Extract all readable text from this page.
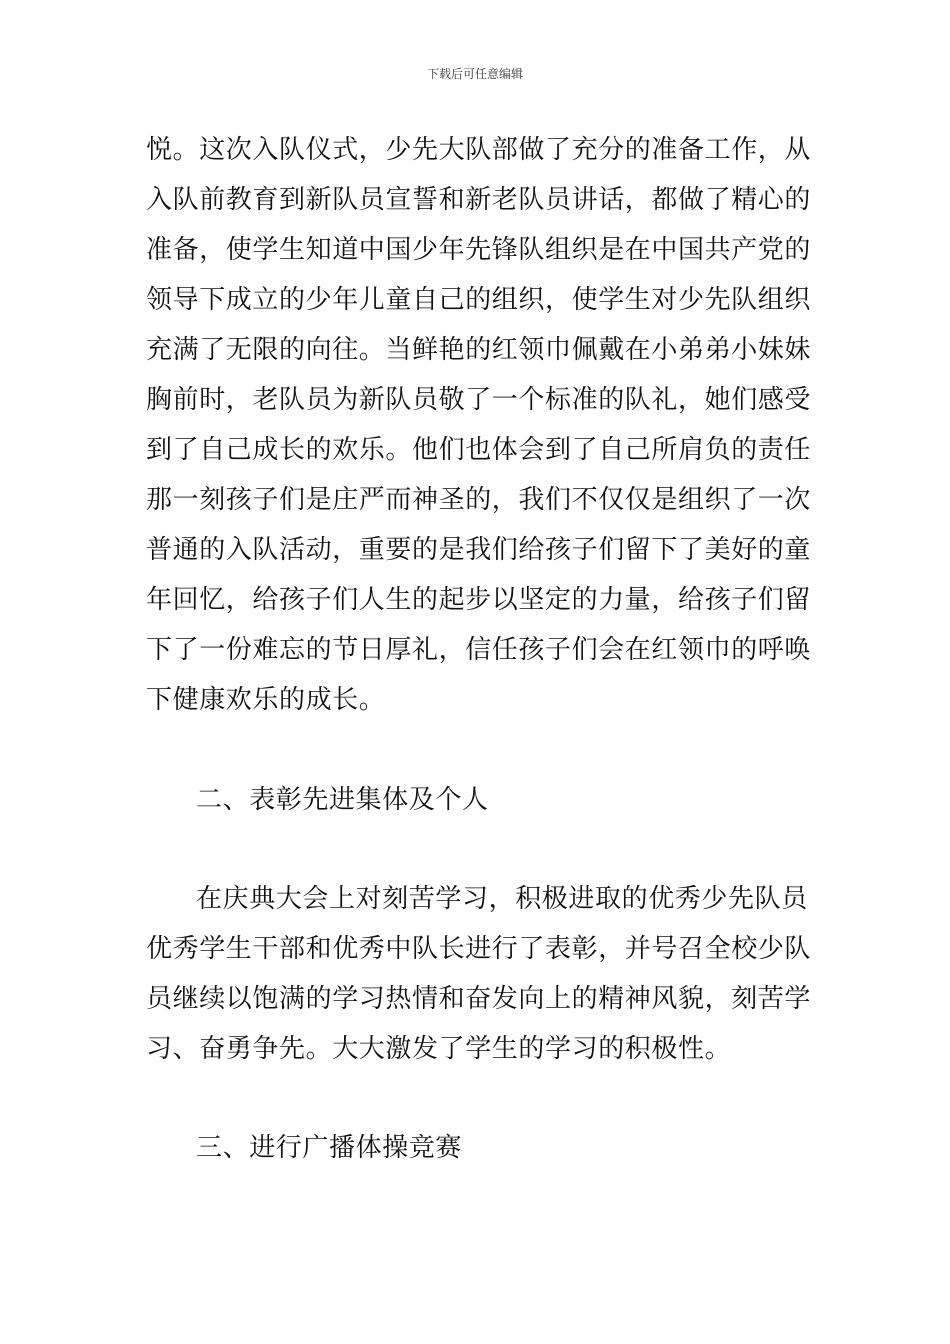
下载后可任意编辑
悦。这次入队仪式，少先大队部做了充分的准备工作，从
入队前教育到新队员宣誓和新老队员讲话，都做了精心的
准备，使学生知道中国少年先锋队组织是在中国共产党的
领导下成立的少年儿童自己的组织，使学生对少先队组织
充满了无限的向往。当鲜艳的红领巾佩戴在小弟弟小妹妹
胸前时，老队员为新队员敬了一个标准的队礼，她们感受
到了自己成长的欢乐。他们也体会到了自己所肩负的责任
那一刻孩子们是庄严而神圣的，我们不仅仅是组织了一次
普通的入队活动，重要的是我们给孩子们留下了美好的童
年回忆，给孩子们人生的起步以坚定的力量，给孩子们留
下了一份难忘的节日厚礼，信任孩子们会在红领巾的呼唤
下健康欢乐的成长。
二、表彰先进集体及个人
在庆典大会上对刻苦学习，积极进取的优秀少先队员
优秀学生干部和优秀中队长进行了表彰，并号召全校少队
员继续以饱满的学习热情和奋发向上的精神风貌，刻苦学
习、奋勇争先。大大激发了学生的学习的积极性。
三、进行广播体操竞赛
